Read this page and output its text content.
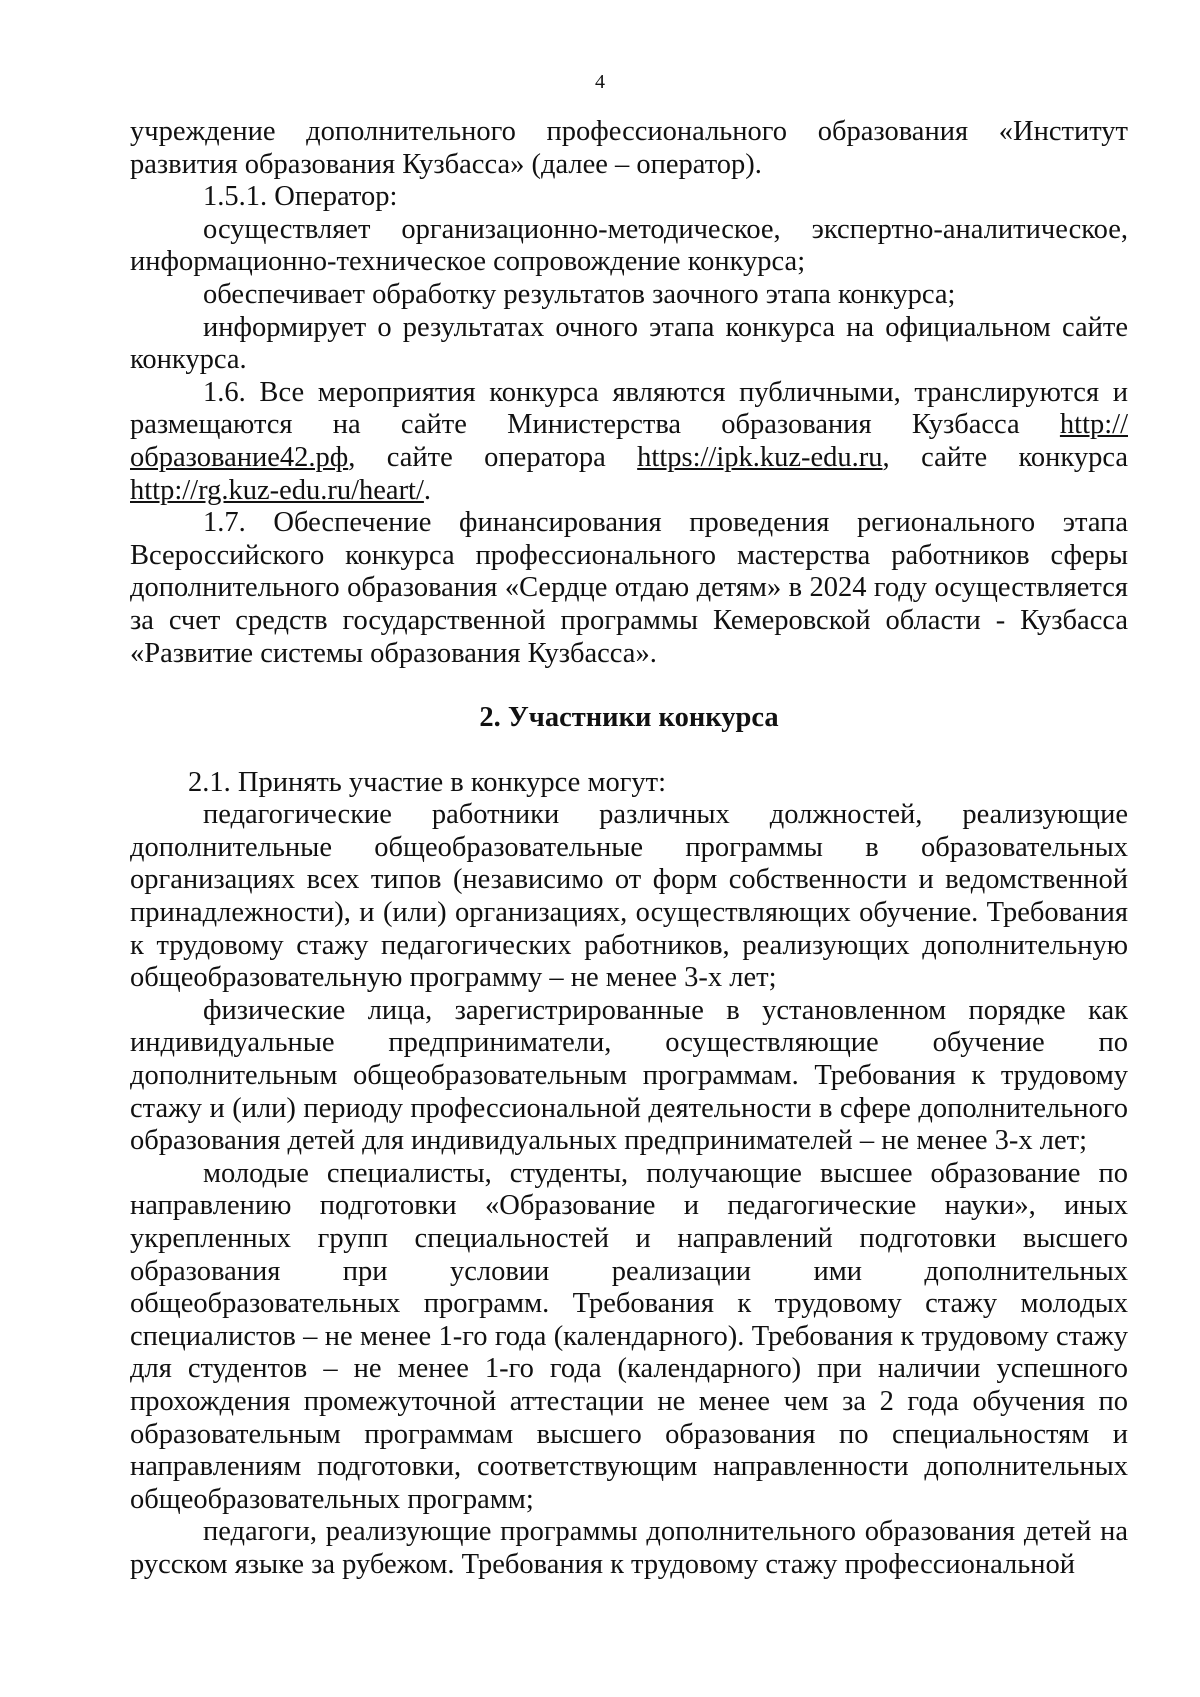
4

учреждение дополнительного профессионального образования «Институт развития образования Кузбасса» (далее – оператор).

1.5.1. Оператор:

осуществляет организационно-методическое, экспертно-аналитическое, информационно-техническое сопровождение конкурса;

обеспечивает обработку результатов заочного этапа конкурса;

информирует о результатах очного этапа конкурса на официальном сайте конкурса.

1.6. Все мероприятия конкурса являются публичными, транслируются и размещаются на сайте Министерства образования Кузбасса http://образование42.рф, сайте оператора https://ipk.kuz-edu.ru, сайте конкурса http://rg.kuz-edu.ru/heart/.

1.7. Обеспечение финансирования проведения регионального этапа Всероссийского конкурса профессионального мастерства работников сферы дополнительного образования «Сердце отдаю детям» в 2024 году осуществляется за счет средств государственной программы Кемеровской области - Кузбасса «Развитие системы образования Кузбасса».

2. Участники конкурса

2.1. Принять участие в конкурсе могут:

педагогические работники различных должностей, реализующие дополнительные общеобразовательные программы в образовательных организациях всех типов (независимо от форм собственности и ведомственной принадлежности), и (или) организациях, осуществляющих обучение. Требования к трудовому стажу педагогических работников, реализующих дополнительную общеобразовательную программу – не менее 3-х лет;

физические лица, зарегистрированные в установленном порядке как индивидуальные предприниматели, осуществляющие обучение по дополнительным общеобразовательным программам. Требования к трудовому стажу и (или) периоду профессиональной деятельности в сфере дополнительного образования детей для индивидуальных предпринимателей – не менее 3-х лет;

молодые специалисты, студенты, получающие высшее образование по направлению подготовки «Образование и педагогические науки», иных укрепленных групп специальностей и направлений подготовки высшего образования при условии реализации ими дополнительных общеобразовательных программ. Требования к трудовому стажу молодых специалистов – не менее 1-го года (календарного). Требования к трудовому стажу для студентов – не менее 1-го года (календарного) при наличии успешного прохождения промежуточной аттестации не менее чем за 2 года обучения по образовательным программам высшего образования по специальностям и направлениям подготовки, соответствующим направленности дополнительных общеобразовательных программ;

педагоги, реализующие программы дополнительного образования детей на русском языке за рубежом. Требования к трудовому стажу профессиональной
